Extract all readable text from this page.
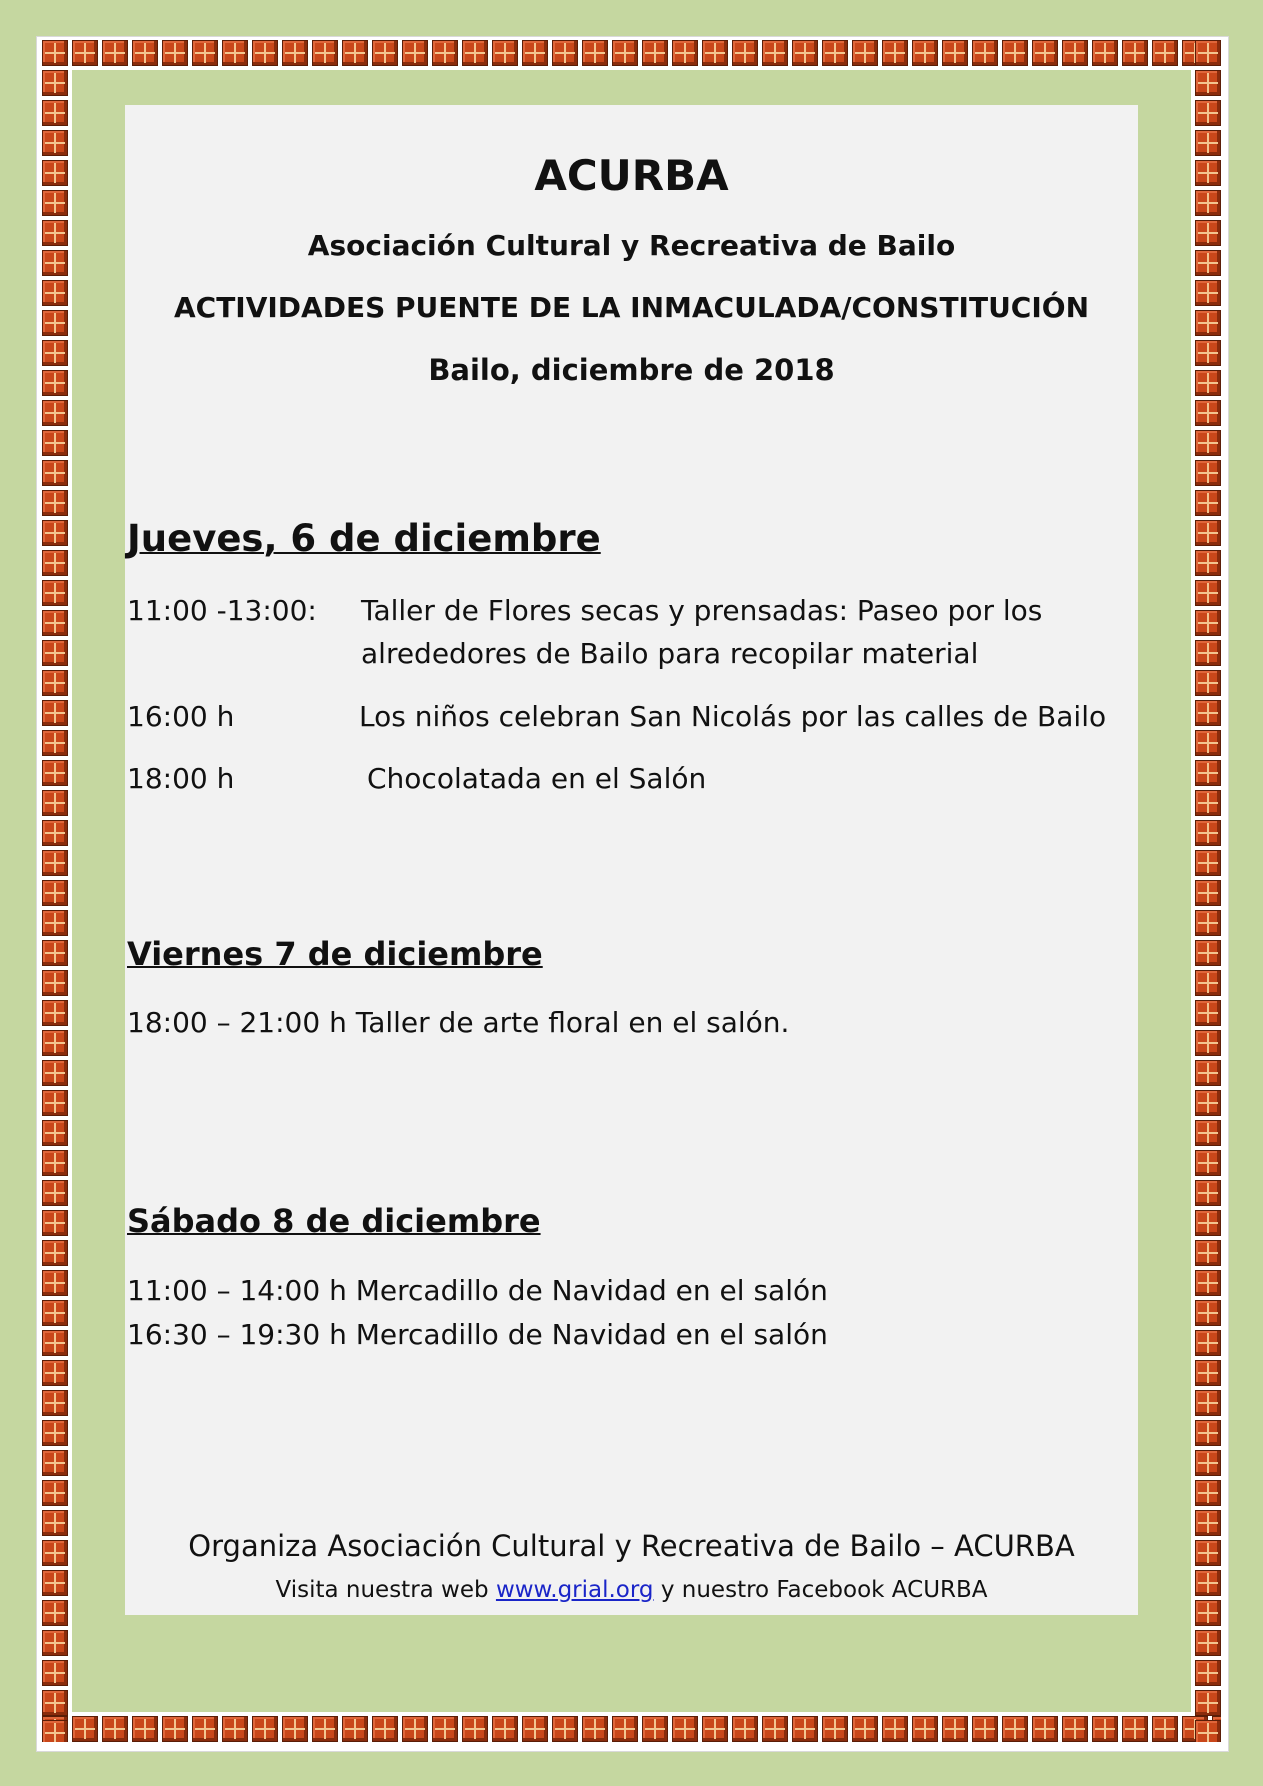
ACURBA
Asociación Cultural y Recreativa de Bailo
ACTIVIDADES PUENTE DE LA INMACULADA/CONSTITUCIÓN
Bailo, diciembre de 2018
Jueves, 6 de diciembre
11:00 -13:00: Taller de Flores secas y prensadas: Paseo por los
alrededores de Bailo para recopilar material
16:00 h	Los niños celebran San Nicolás por las calles de Bailo
18:00 h	Chocolatada en el Salón
Viernes 7 de diciembre
18:00 – 21:00 h Taller de arte floral en el salón.
Sábado 8 de diciembre
11:00 – 14:00 h Mercadillo de Navidad en el salón
16:30 – 19:30 h Mercadillo de Navidad en el salón
Organiza Asociación Cultural y Recreativa de Bailo – ACURBA
Visita nuestra web www.grial.org y nuestro Facebook ACURBA
